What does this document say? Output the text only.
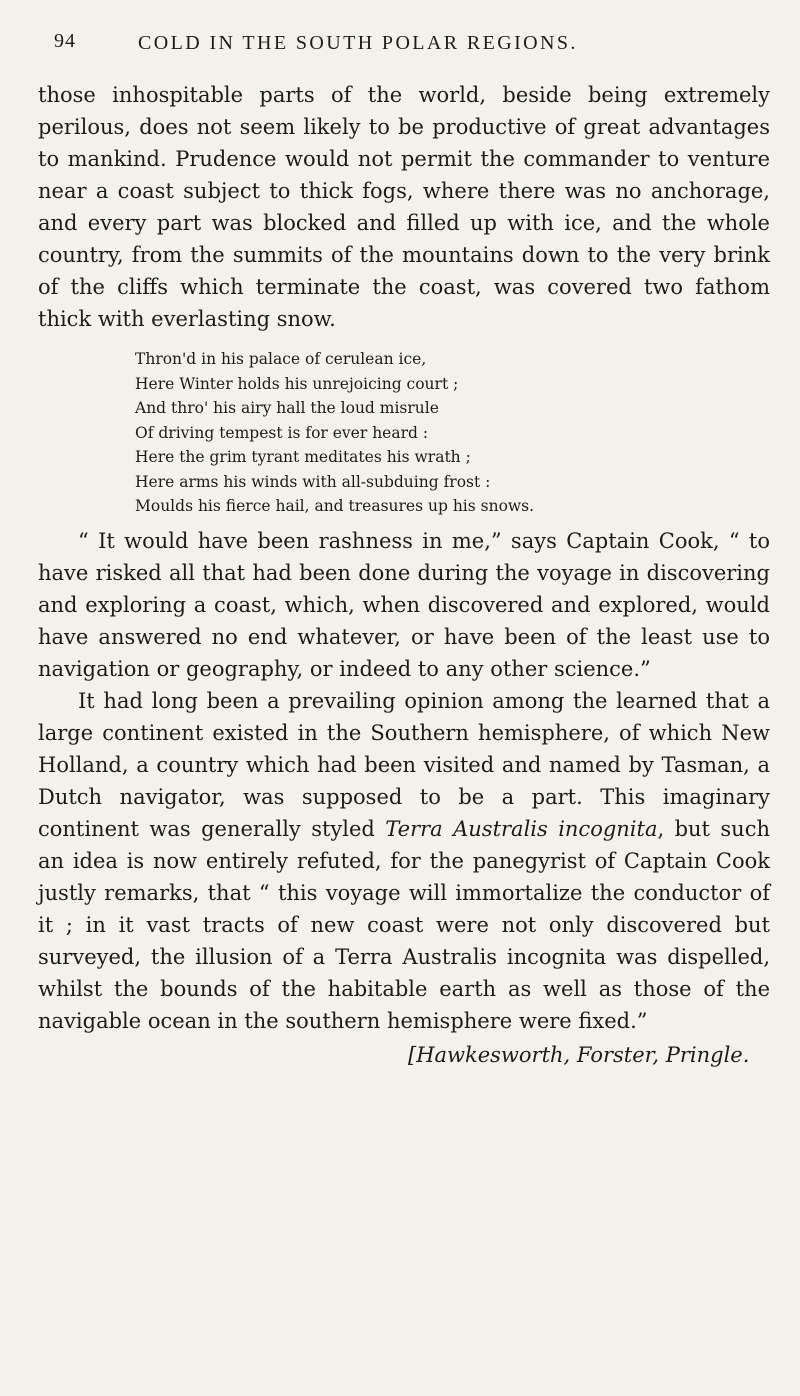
94	COLD IN THE SOUTH POLAR REGIONS.

those inhospitable parts of the world, beside being extremely perilous, does not seem likely to be productive of great advantages to mankind. Prudence would not permit the commander to venture near a coast subject to thick fogs, where there was no anchorage, and every part was blocked and filled up with ice, and the whole country, from the summits of the mountains down to the very brink of the cliffs which terminate the coast, was covered two fathom thick with everlasting snow.

Thron'd in his palace of cerulean ice,
Here Winter holds his unrejoicing court ;
And thro' his airy hall the loud misrule
Of driving tempest is for ever heard :
Here the grim tyrant meditates his wrath ;
Here arms his winds with all-subduing frost :
Moulds his fierce hail, and treasures up his snows.

“ It would have been rashness in me,” says Captain Cook, “ to have risked all that had been done during the voyage in discovering and exploring a coast, which, when discovered and explored, would have answered no end whatever, or have been of the least use to navigation or geography, or indeed to any other science.”

It had long been a prevailing opinion among the learned that a large continent existed in the Southern hemisphere, of which New Holland, a country which had been visited and named by Tasman, a Dutch navigator, was supposed to be a part. This imaginary continent was generally styled Terra Australis incognita, but such an idea is now entirely refuted, for the panegyrist of Captain Cook justly remarks, that “ this voyage will immortalize the conductor of it ; in it vast tracts of new coast were not only discovered but surveyed, the illusion of a Terra Australis incognita was dispelled, whilst the bounds of the habitable earth as well as those of the navigable ocean in the southern hemisphere were fixed.”

[Hawkesworth, Forster, Pringle.
